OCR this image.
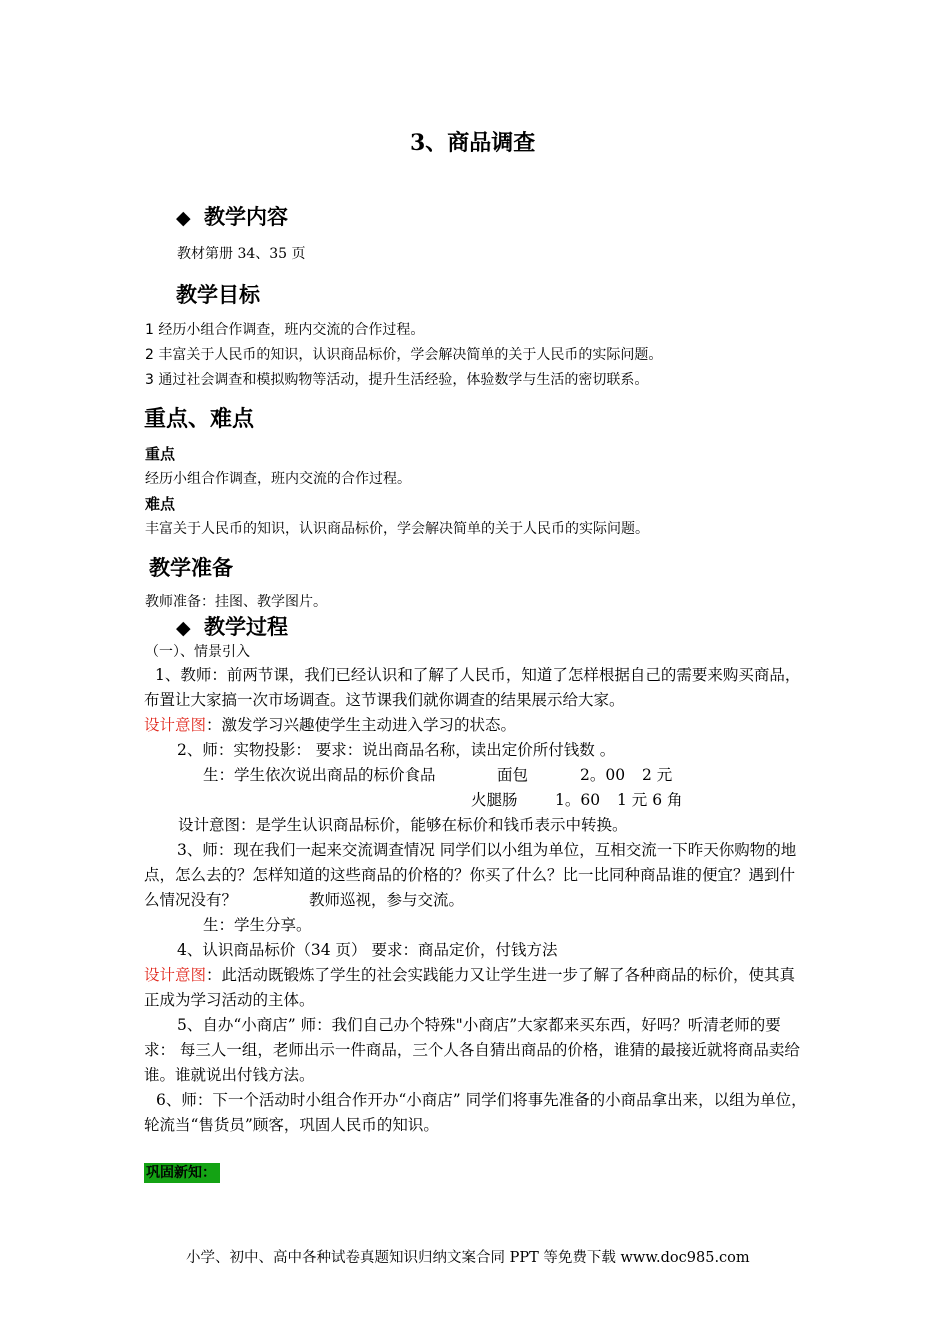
3、商品调查
◆ 教学内容
教材第册 34、35 页
教学目标
1 经历小组合作调查，班内交流的合作过程。
2 丰富关于人民币的知识，认识商品标价，学会解决简单的关于人民币的实际问题。
3 通过社会调查和模拟购物等活动，提升生活经验，体验数学与生活的密切联系。
重点、难点
重点
经历小组合作调查，班内交流的合作过程。
难点
丰富关于人民币的知识，认识商品标价，学会解决简单的关于人民币的实际问题。
教学准备
教师准备：挂图、教学图片。
◆ 教学过程
（一）、情景引入
1、教师：前两节课，我们已经认识和了解了人民币，知道了怎样根据自己的需要来购买商品，布置让大家搞一次市场调查。这节课我们就你调查的结果展示给大家。
设计意图：激发学习兴趣使学生主动进入学习的状态。
2、师：实物投影： 要求：说出商品名称，读出定价所付钱数 。
生：学生依次说出商品的标价食品	面包	2。00 2 元
火腿肠 1。60 1 元 6 角
设计意图：是学生认识商品标价，能够在标价和钱币表示中转换。
3、师：现在我们一起来交流调查情况 同学们以小组为单位，互相交流一下昨天你购物的地点，怎么去的？怎样知道的这些商品的价格的？你买了什么？比一比同种商品谁的便宜？遇到什么情况没有？	教师巡视，参与交流。
生：学生分享。
4、认识商品标价（34 页） 要求：商品定价，付钱方法
设计意图：此活动既锻炼了学生的社会实践能力又让学生进一步了解了各种商品的标价，使其真正成为学习活动的主体。
5、自办“小商店” 师：我们自己办个特殊"小商店”大家都来买东西，好吗？听清老师的要求： 每三人一组，老师出示一件商品，三个人各自猜出商品的价格，谁猜的最接近就将商品卖给谁。谁就说出付钱方法。
6、师：下一个活动时小组合作开办“小商店” 同学们将事先准备的小商品拿出来，以组为单位，轮流当“售货员”顾客，巩固人民币的知识。
巩固新知：
小学、初中、高中各种试卷真题知识归纳文案合同 PPT 等免费下载 www.doc985.com
